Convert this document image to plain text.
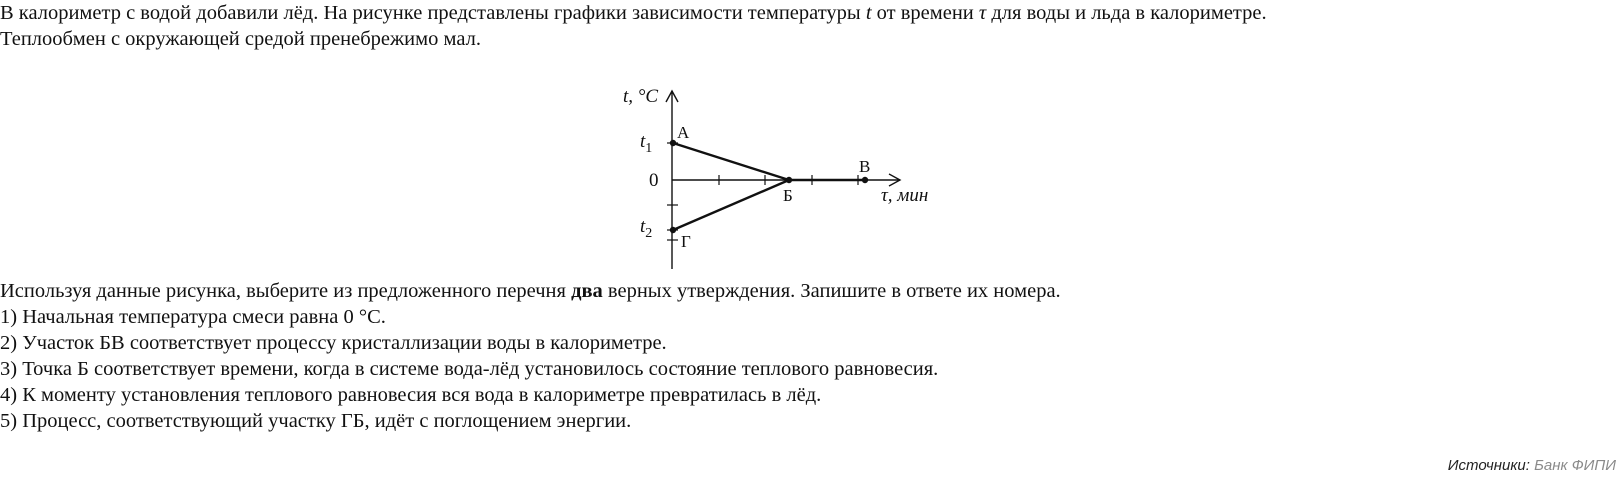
В калориметр с водой добавили лёд. На рисунке представлены графики зависимости температуры t от времени τ для воды и льда в калориметре.
Теплообмен с окружающей средой пренебрежимо мал.
t, °C
τ, мин
$t_1$
0
$t_2$
А
Б
В
Г
Используя данные рисунка, выберите из предложенного перечня два верных утверждения. Запишите в ответе их номера.
1) Начальная температура смеси равна 0 °C.
2) Участок БВ соответствует процессу кристаллизации воды в калориметре.
3) Точка Б соответствует времени, когда в системе вода-лёд установилось состояние теплового равновесия.
4) К моменту установления теплового равновесия вся вода в калориметре превратилась в лёд.
5) Процесс, соответствующий участку ГБ, идёт с поглощением энергии.
Источники: Банк ФИПИ
